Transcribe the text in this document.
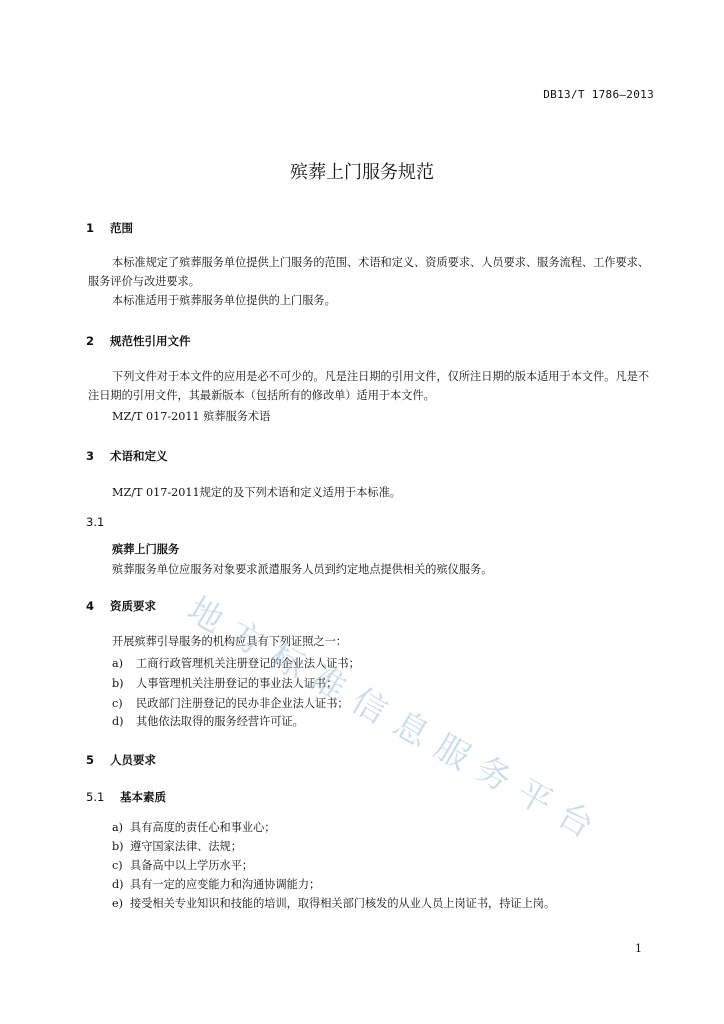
DB13/T 1786—2013
殡葬上门服务规范
1 范围
本标准规定了殡葬服务单位提供上门服务的范围、术语和定义、资质要求、人员要求、服务流程、工作要求、服务评价与改进要求。
本标准适用于殡葬服务单位提供的上门服务。
2 规范性引用文件
下列文件对于本文件的应用是必不可少的。凡是注日期的引用文件，仅所注日期的版本适用于本文件。凡是不注日期的引用文件，其最新版本（包括所有的修改单）适用于本文件。
MZ/T 017-2011 殡葬服务术语
3 术语和定义
MZ/T 017-2011规定的及下列术语和定义适用于本标准。
3.1
殡葬上门服务
殡葬服务单位应服务对象要求派遣服务人员到约定地点提供相关的殡仪服务。
4 资质要求
开展殡葬引导服务的机构应具有下列证照之一：
a) 工商行政管理机关注册登记的企业法人证书；
b) 人事管理机关注册登记的事业法人证书；
c) 民政部门注册登记的民办非企业法人证书；
d) 其他依法取得的服务经营许可证。
5 人员要求
5.1 基本素质
a) 具有高度的责任心和事业心；
b) 遵守国家法律、法规；
c) 具备高中以上学历水平；
d) 具有一定的应变能力和沟通协调能力；
e) 接受相关专业知识和技能的培训，取得相关部门核发的从业人员上岗证书，持证上岗。
1
地
方
标
准
信
息
服
务
平
台
